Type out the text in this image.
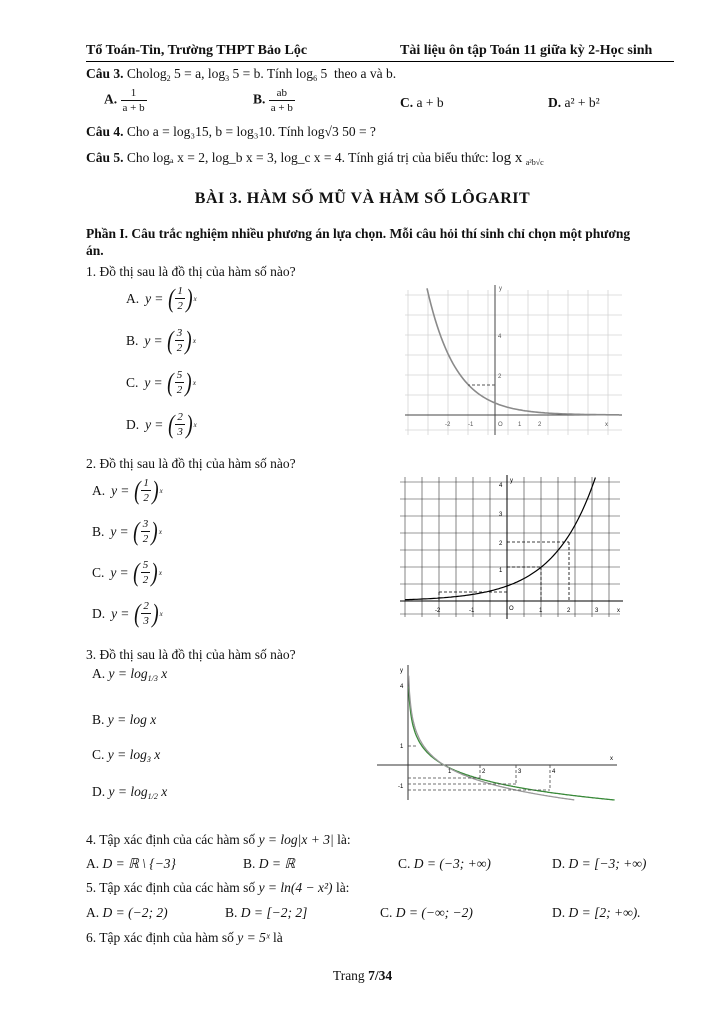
Tổ Toán-Tin, Trường THPT Bảo Lộc	Tài liệu ôn tập Toán 11 giữa kỳ 2-Học sinh
Câu 3. Cholog$_2$ 5 = a, $\log_3 5 = b$. Tính $\log_6 5$ theo a và b.
A. $\frac{1}{a + b}$	B. $\frac{ab}{a + b}$	C. a + b	D. a² + b²
Câu 4. Cho a = log₃15, b = log₃10. Tính log√3 50 = ?
Câu 5. Cho logₐ x = 2, log_b x = 3, log_c x = 4. Tính giá trị của biểu thức: log x $_{a^2b√c}$
BÀI 3. HÀM SỐ MŨ VÀ HÀM SỐ LÔGARIT
Phần I. Câu trắc nghiệm nhiều phương án lựa chọn. Mỗi câu hỏi thí sinh chỉ chọn một phương
án.
1. Đồ thị sau là đồ thị của hàm số nào?
A. y = ( $\frac{1}{2}$ ) x
B. y = ( $\frac{3}{2}$ ) x
C. y = ( $\frac{5}{2}$ ) x
D. y = ( $\frac{2}{3}$ ) x	-2	-1	O	1	2	x
y
4
2
2. Đồ thị sau là đồ thị của hàm số nào?
A. y = ( $\frac{1}{2}$ ) x
B. y = ( $\frac{3}{2}$ ) x
C. y = ( $\frac{5}{2}$ ) x
D. y = ( $\frac{2}{3}$ ) x	-2	-1	O	1	2	3	x
y
4
3
2
1
3. Đồ thị sau là đồ thị của hàm số nào?
A. $y = \log_{1/3} x$
B. y = log x
C. $y = \log_3 x$
D. $y = \log_{1/2} x$
x
1	2	3	4
y
4
1
-1
4. Tập xác định của các hàm số y = log|x + 3| là:
A. D = ℝ \ {−3}	B. D = ℝ	C. D = (−3; +∞)	D. D = [−3; +∞)
5. Tập xác định của các hàm số y = ln(4 − x²) là:
A. D = (−2; 2)	B. D = [−2; 2]	C. D = (−∞; −2)	D. D = [2; +∞).
6. Tập xác định của hàm số y = 5ˣ là
Trang 7/34
